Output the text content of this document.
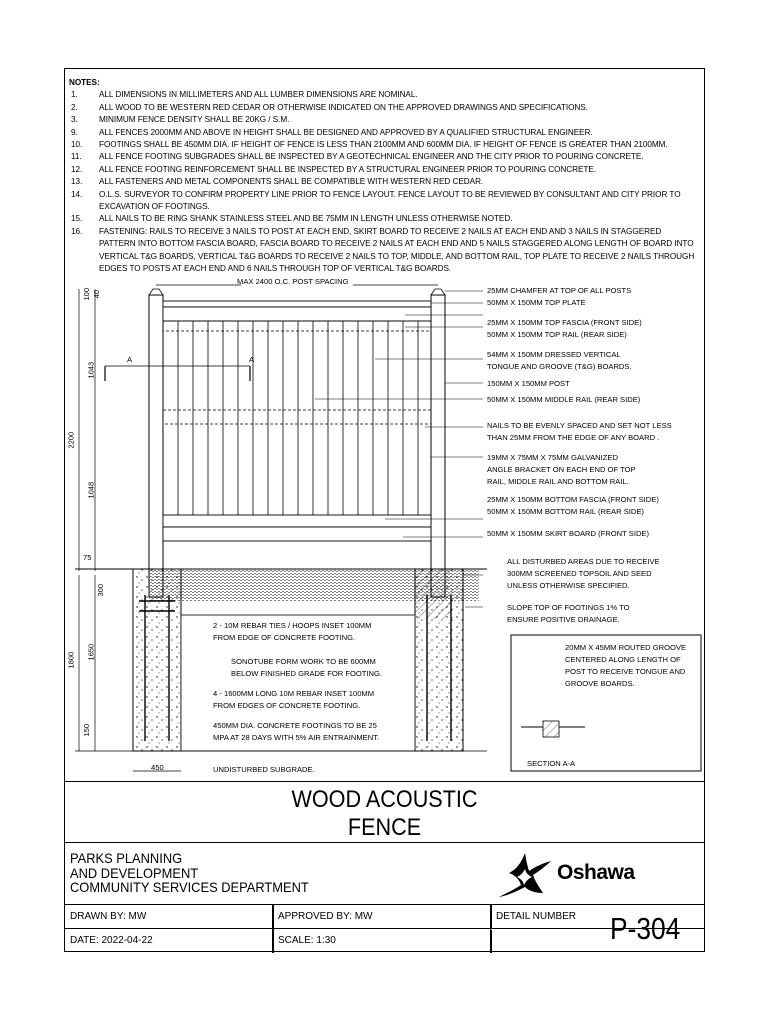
NOTES:
1.	ALL DIMENSIONS IN MILLIMETERS AND ALL LUMBER DIMENSIONS ARE NOMINAL.
2.	ALL WOOD TO BE WESTERN RED CEDAR OR OTHERWISE INDICATED ON THE APPROVED DRAWINGS AND SPECIFICATIONS.
3.	MINIMUM FENCE DENSITY SHALL BE 20KG / S.M.
9.	ALL FENCES 2000MM AND ABOVE IN HEIGHT SHALL BE DESIGNED AND APPROVED BY A QUALIFIED STRUCTURAL ENGINEER.
10.	FOOTINGS SHALL BE 450MM DIA. IF HEIGHT OF FENCE IS LESS THAN 2100MM AND 600MM DIA. IF HEIGHT OF FENCE IS GREATER THAN 2100MM.
11.	ALL FENCE FOOTING SUBGRADES SHALL BE INSPECTED BY A GEOTECHNICAL ENGINEER AND THE CITY PRIOR TO POURING CONCRETE.
12.	ALL FENCE FOOTING REINFORCEMENT SHALL BE INSPECTED BY A STRUCTURAL ENGINEER PRIOR TO POURING CONCRETE.
13.	ALL FASTENERS AND METAL COMPONENTS SHALL BE COMPATIBLE WITH WESTERN RED CEDAR.
14.	O.L.S. SURVEYOR TO CONFIRM PROPERTY LINE PRIOR TO FENCE LAYOUT. FENCE LAYOUT TO BE REVIEWED BY CONSULTANT AND CITY PRIOR TO EXCAVATION OF FOOTINGS.
15.	ALL NAILS TO BE RING SHANK STAINLESS STEEL AND BE 75MM IN LENGTH UNLESS OTHERWISE NOTED.
16.	FASTENING: RAILS TO RECEIVE 3 NAILS TO POST AT EACH END, SKIRT BOARD TO RECEIVE 2 NAILS AT EACH END AND 3 NAILS IN STAGGERED PATTERN INTO BOTTOM FASCIA BOARD, FASCIA BOARD TO RECEIVE 2 NAILS AT EACH END AND 5 NAILS STAGGERED ALONG LENGTH OF BOARD INTO VERTICAL T&G BOARDS, VERTICAL T&G BOARDS TO RECEIVE 2 NAILS TO TOP, MIDDLE, AND BOTTOM RAIL, TOP PLATE TO RECEIVE 2 NAILS THROUGH EDGES TO POSTS AT EACH END AND 6 NAILS THROUGH TOP OF VERTICAL T&G BOARDS.
MAX 2400 O.C. POST SPACING
100 40
1043
2200
1048
75
300
1800 1650
150
450
A	A
25MM CHAMFER AT TOP OF ALL POSTS
50MM X 150MM TOP PLATE
25MM X 150MM TOP FASCIA (FRONT SIDE)
50MM X 150MM TOP RAIL (REAR SIDE)
54MM X 150MM DRESSED VERTICAL
TONGUE AND GROOVE (T&G) BOARDS.
150MM X 150MM POST
50MM X 150MM MIDDLE RAIL (REAR SIDE)
NAILS TO BE EVENLY SPACED AND SET NOT LESS
THAN 25MM FROM THE EDGE OF ANY BOARD .
19MM X 75MM X 75MM GALVANIZED
ANGLE BRACKET ON EACH END OF TOP
RAIL, MIDDLE RAIL AND BOTTOM RAIL.
25MM X 150MM BOTTOM FASCIA (FRONT SIDE)
50MM X 150MM BOTTOM RAIL (REAR SIDE)
50MM X 150MM SKIRT BOARD (FRONT SIDE)
ALL DISTURBED AREAS DUE TO RECEIVE
300MM SCREENED TOPSOIL AND SEED
UNLESS OTHERWISE SPECIFIED.
SLOPE TOP OF FOOTINGS 1% TO
ENSURE POSITIVE DRAINAGE.
2 - 10M REBAR TIES / HOOPS INSET 100MM
FROM EDGE OF CONCRETE FOOTING.
SONOTUBE FORM WORK TO BE 600MM
BELOW FINISHED GRADE FOR FOOTING.
4 - 1600MM LONG 10M REBAR INSET 100MM
FROM EDGES OF CONCRETE FOOTING.
450MM DIA. CONCRETE FOOTINGS TO BE 25
MPA AT 28 DAYS WITH 5% AIR ENTRAINMENT.
UNDISTURBED SUBGRADE.
20MM X 45MM ROUTED GROOVE
CENTERED ALONG LENGTH OF
POST TO RECEIVE TONGUE AND
GROOVE BOARDS.
SECTION A-A
WOOD ACOUSTIC
FENCE
PARKS PLANNING
AND DEVELOPMENT
COMMUNITY SERVICES DEPARTMENT
Oshawa
DRAWN BY: MW	APPROVED BY: MW	DETAIL NUMBER
DATE: 2022-04-22	SCALE: 1:30	P-304
